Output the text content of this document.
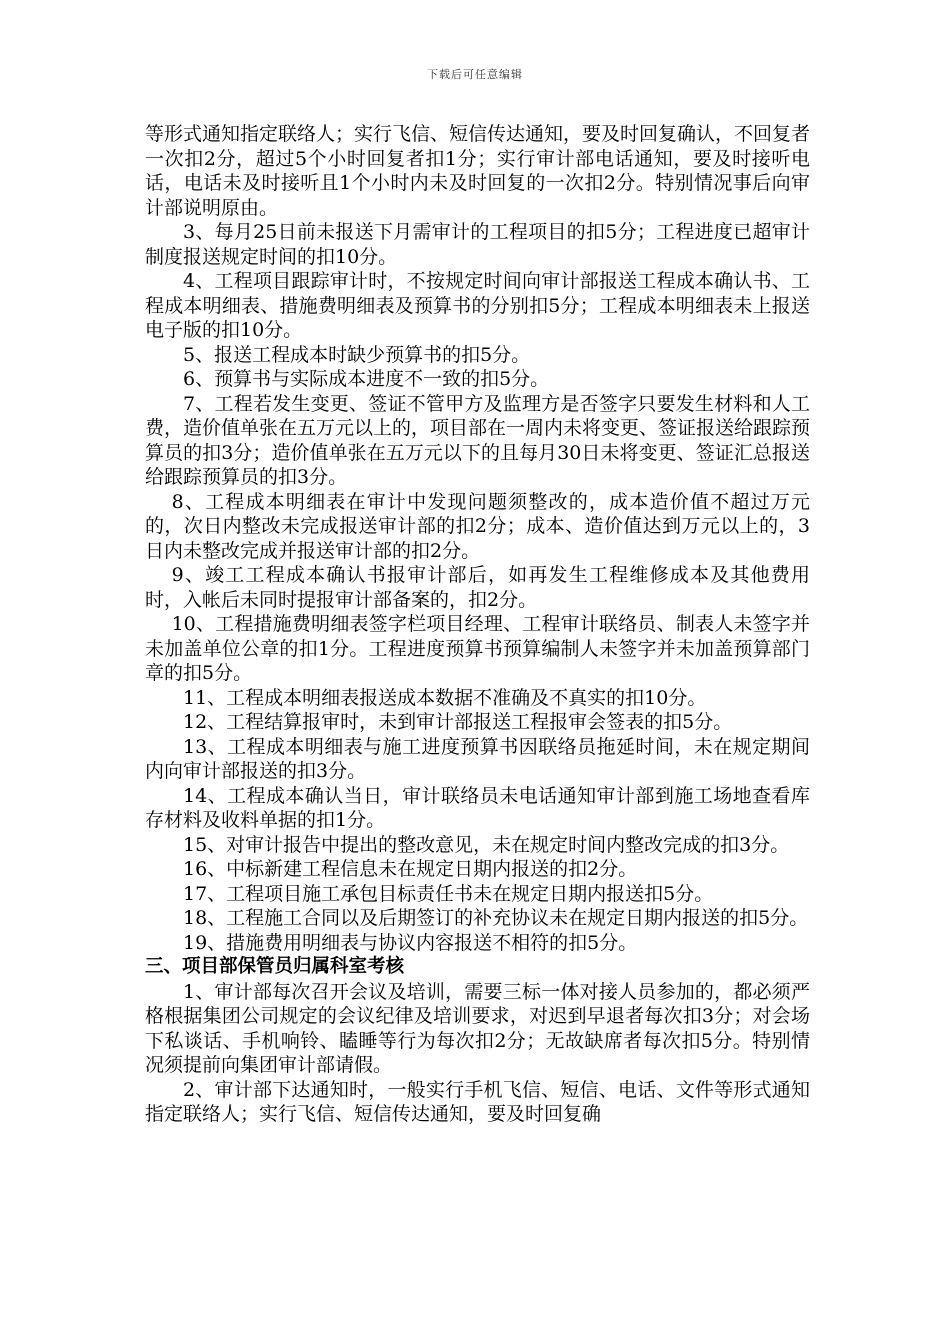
下载后可任意编辑

等形式通知指定联络人；实行飞信、短信传达通知，要及时回复确认，不回复者一次扣2分，超过5个小时回复者扣1分；实行审计部电话通知，要及时接听电话，电话未及时接听且1个小时内未及时回复的一次扣2分。特别情况事后向审计部说明原由。

3、每月25日前未报送下月需审计的工程项目的扣5分；工程进度已超审计制度报送规定时间的扣10分。

4、工程项目跟踪审计时，不按规定时间向审计部报送工程成本确认书、工程成本明细表、措施费明细表及预算书的分别扣5分；工程成本明细表未上报送电子版的扣10分。

5、报送工程成本时缺少预算书的扣5分。

6、预算书与实际成本进度不一致的扣5分。

7、工程若发生变更、签证不管甲方及监理方是否签字只要发生材料和人工费，造价值单张在五万元以上的，项目部在一周内未将变更、签证报送给跟踪预算员的扣3分；造价值单张在五万元以下的且每月30日未将变更、签证汇总报送给跟踪预算员的扣3分。

8、工程成本明细表在审计中发现问题须整改的，成本造价值不超过万元的，次日内整改未完成报送审计部的扣2分；成本、造价值达到万元以上的，3日内未整改完成并报送审计部的扣2分。

9、竣工工程成本确认书报审计部后，如再发生工程维修成本及其他费用时，入帐后未同时提报审计部备案的，扣2分。

10、工程措施费明细表签字栏项目经理、工程审计联络员、制表人未签字并未加盖单位公章的扣1分。工程进度预算书预算编制人未签字并未加盖预算部门章的扣5分。

11、工程成本明细表报送成本数据不准确及不真实的扣10分。

12、工程结算报审时，未到审计部报送工程报审会签表的扣5分。

13、工程成本明细表与施工进度预算书因联络员拖延时间，未在规定期间内向审计部报送的扣3分。

14、工程成本确认当日，审计联络员未电话通知审计部到施工场地查看库存材料及收料单据的扣1分。

15、对审计报告中提出的整改意见，未在规定时间内整改完成的扣3分。

16、中标新建工程信息未在规定日期内报送的扣2分。

17、工程项目施工承包目标责任书未在规定日期内报送扣5分。

18、工程施工合同以及后期签订的补充协议未在规定日期内报送的扣5分。

19、措施费用明细表与协议内容报送不相符的扣5分。

三、项目部保管员归属科室考核

1、审计部每次召开会议及培训，需要三标一体对接人员参加的，都必须严格根据集团公司规定的会议纪律及培训要求，对迟到早退者每次扣3分；对会场下私谈话、手机响铃、瞌睡等行为每次扣2分；无故缺席者每次扣5分。特别情况须提前向集团审计部请假。

2、审计部下达通知时，一般实行手机飞信、短信、电话、文件等形式通知指定联络人；实行飞信、短信传达通知，要及时回复确
